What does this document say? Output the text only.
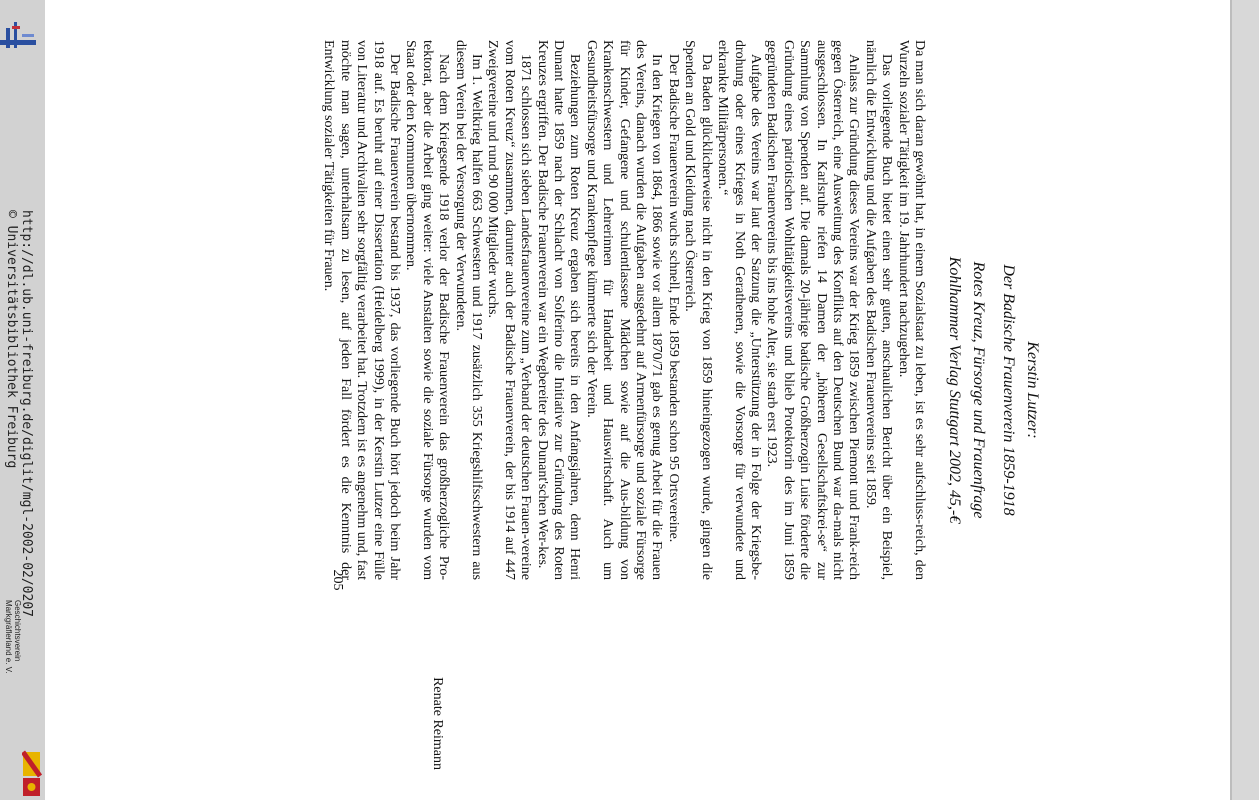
http://dl.ub.uni-freiburg.de/diglit/mgl-2002-02/0207
© Universitätsbibliothek Freiburg
Geschichtsverein
Markgräflerland e. V.
Kerstin Lutzer:
Der Badische Frauenverein 1859-1918
Rotes Kreuz, Fürsorge und Frauenfrage
Kohlhammer Verlag Stuttgart 2002, 45,-€

Da man sich daran gewöhnt hat, in einem Sozialstaat zu leben, ist es sehr aufschluss-reich, den Wurzeln sozialer Tätigkeit im 19. Jahrhundert nachzugehen.

Das vorliegende Buch bietet einen sehr guten, anschaulichen Bericht über ein Beispiel, nämlich die Entwicklung und die Aufgaben des Badischen Frauenvereins seit 1859.

Anlass zur Gründung dieses Vereins war der Krieg 1859 zwischen Piemont und Frank-reich gegen Österreich, eine Ausweitung des Konflikts auf den Deutschen Bund war da-mals nicht ausgeschlossen. In Karlsruhe riefen 14 Damen der „höheren Gesellschaftskrei-se“ zur Sammlung von Spenden auf. Die damals 20-jährige badische Großherzogin Luise förderte die Gründung eines patriotischen Wohltätigkeitsvereins und blieb Protektorin des im Juni 1859 gegründeten Badischen Frauenvereins bis ins hohe Alter, sie starb erst 1923.

Aufgabe des Vereins war laut der Satzung die „Unterstützung der in Folge der Kriegsbe-drohung oder eines Krieges in Noth Gerathenen, sowie die Vorsorge für verwundete und erkrankte Militärpersonen.“

Da Baden glücklicherweise nicht in den Krieg von 1859 hineingezogen wurde, gingen die Spenden an Gold und Kleidung nach Österreich.

Der Badische Frauenverein wuchs schnell, Ende 1859 bestanden schon 95 Ortsvereine.

In den Kriegen von 1864, 1866 sowie vor allem 1870/71 gab es genug Arbeit für die Frauen des Vereins, danach wurden die Aufgaben ausgedehnt auf Armenfürsorge und soziale Fürsorge für Kinder, Gefangene und schulentlassene Mädchen sowie auf die Aus-bildung von Krankenschwestern und Lehrerinnen für Handarbeit und Hauswirtschaft. Auch um Gesundheitsfürsorge und Krankenpflege kümmerte sich der Verein.

Beziehungen zum Roten Kreuz ergaben sich bereits in den Anfangsjahren, denn Henri Dunant hatte 1859 nach der Schlacht von Solferino die Initiative zur Gründung des Roten Kreuzes ergriffen. Der Badische Frauenverein war ein Wegbereiter des Dunant'schen Wer-kes.

1871 schlossen sich sieben Landesfrauenvereine zum „Verband der deutschen Frauen-vereine vom Roten Kreuz“ zusammen, darunter auch der Badische Frauenverein, der bis 1914 auf 447 Zweigvereine und rund 90 000 Mitglieder wuchs.

Im 1. Weltkrieg halfen 663 Schwestern und 1917 zusätzlich 355 Kriegshilfsschwestern aus diesem Verein bei der Versorgung der Verwundeten.

Nach dem Kriegsende 1918 verlor der Badische Frauenverein das großherzogliche Pro-tektorat, aber die Arbeit ging weiter: viele Anstalten sowie die soziale Fürsorge wurden vom Staat oder den Kommunen übernommen.

Der Badische Frauenverein bestand bis 1937, das vorliegende Buch hört jedoch beim Jahr 1918 auf. Es beruht auf einer Dissertation (Heidelberg 1999), in der Kerstin Lutzer eine Fülle von Literatur und Archivalien sehr sorgfältig verarbeitet hat. Trotzdem ist es angenehm und, fast möchte man sagen, unterhaltsam zu lesen, auf jeden Fall fördert es die Kenntnis der Entwicklung sozialer Tätigkeiten für Frauen.

Renate Reimann
205
